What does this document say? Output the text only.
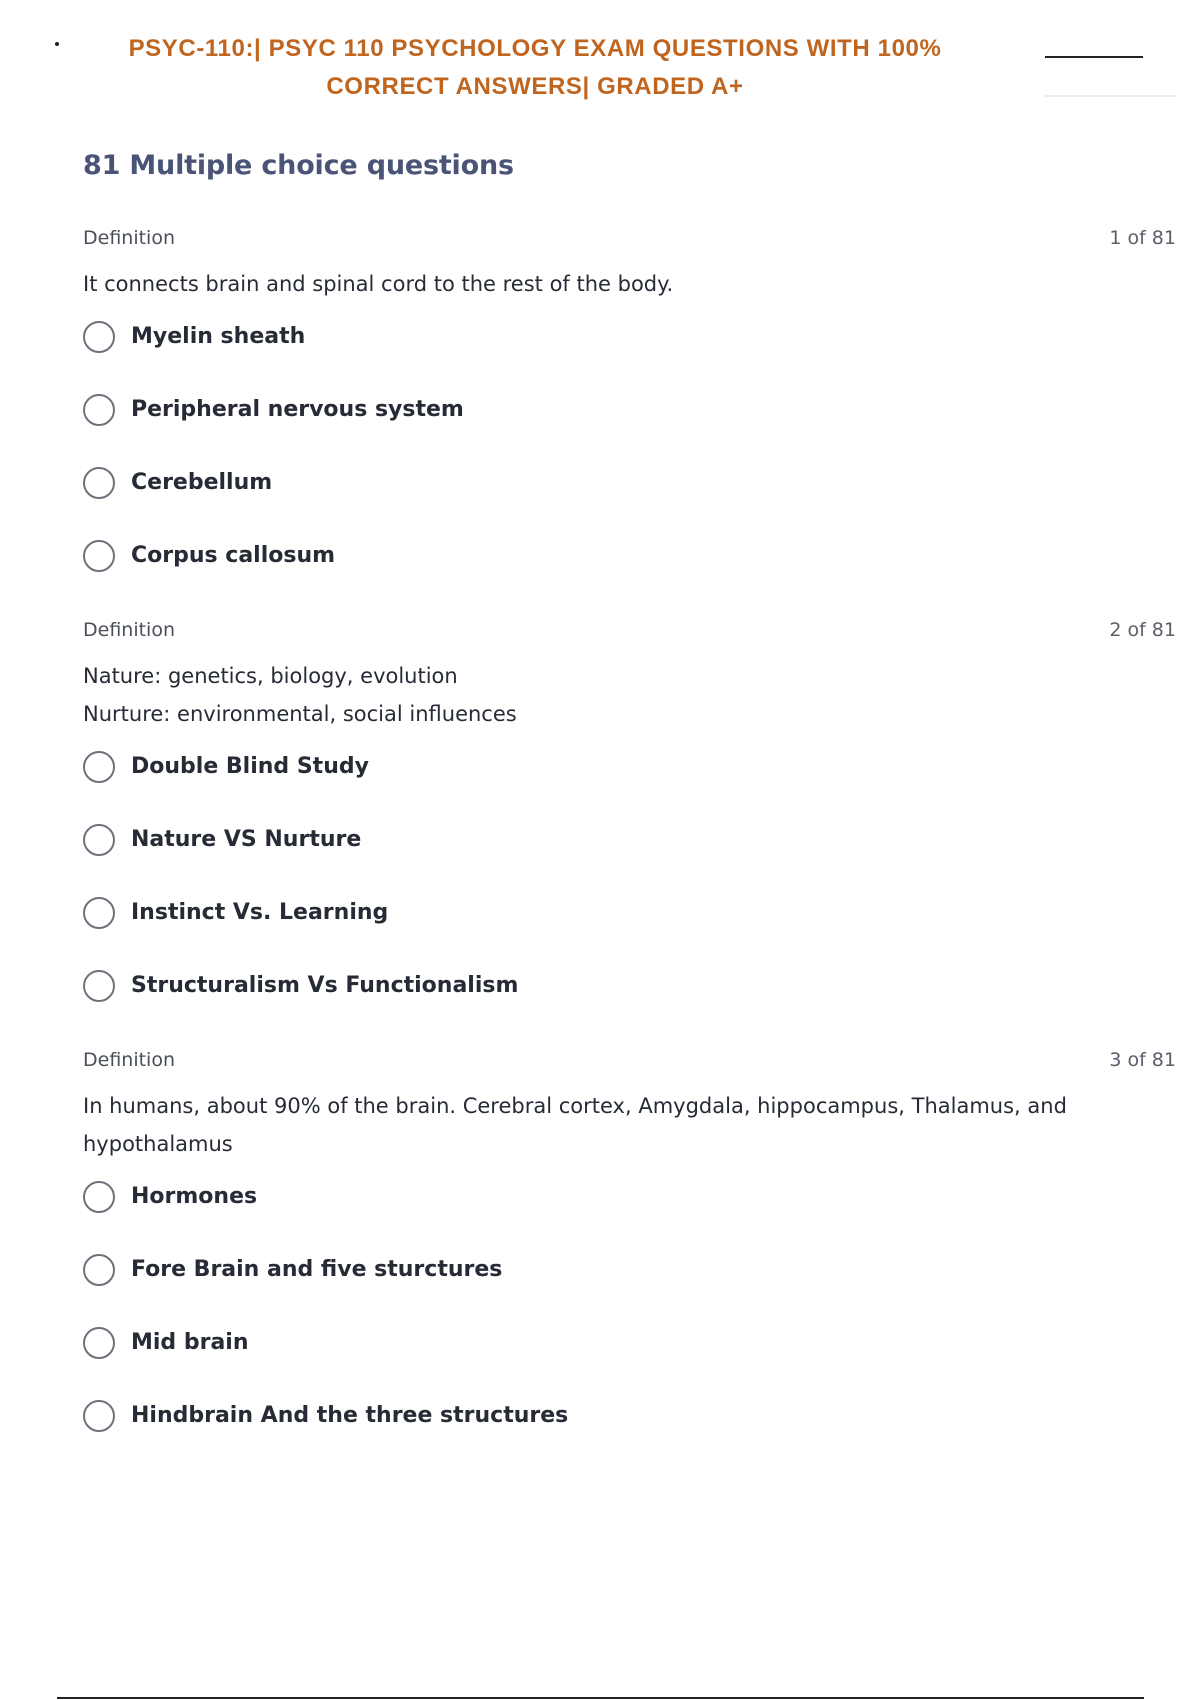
PSYC-110:| PSYC 110 PSYCHOLOGY EXAM QUESTIONS WITH 100%
CORRECT ANSWERS| GRADED A+
81 Multiple choice questions
Definition	1 of 81
It connects brain and spinal cord to the rest of the body.
Myelin sheath
Peripheral nervous system
Cerebellum
Corpus callosum
Definition	2 of 81
Nature: genetics, biology, evolution
Nurture: environmental, social influences
Double Blind Study
Nature VS Nurture
Instinct Vs. Learning
Structuralism Vs Functionalism
Definition	3 of 81
In humans, about 90% of the brain. Cerebral cortex, Amygdala, hippocampus, Thalamus, and hypothalamus
Hormones
Fore Brain and five sturctures
Mid brain
Hindbrain And the three structures
